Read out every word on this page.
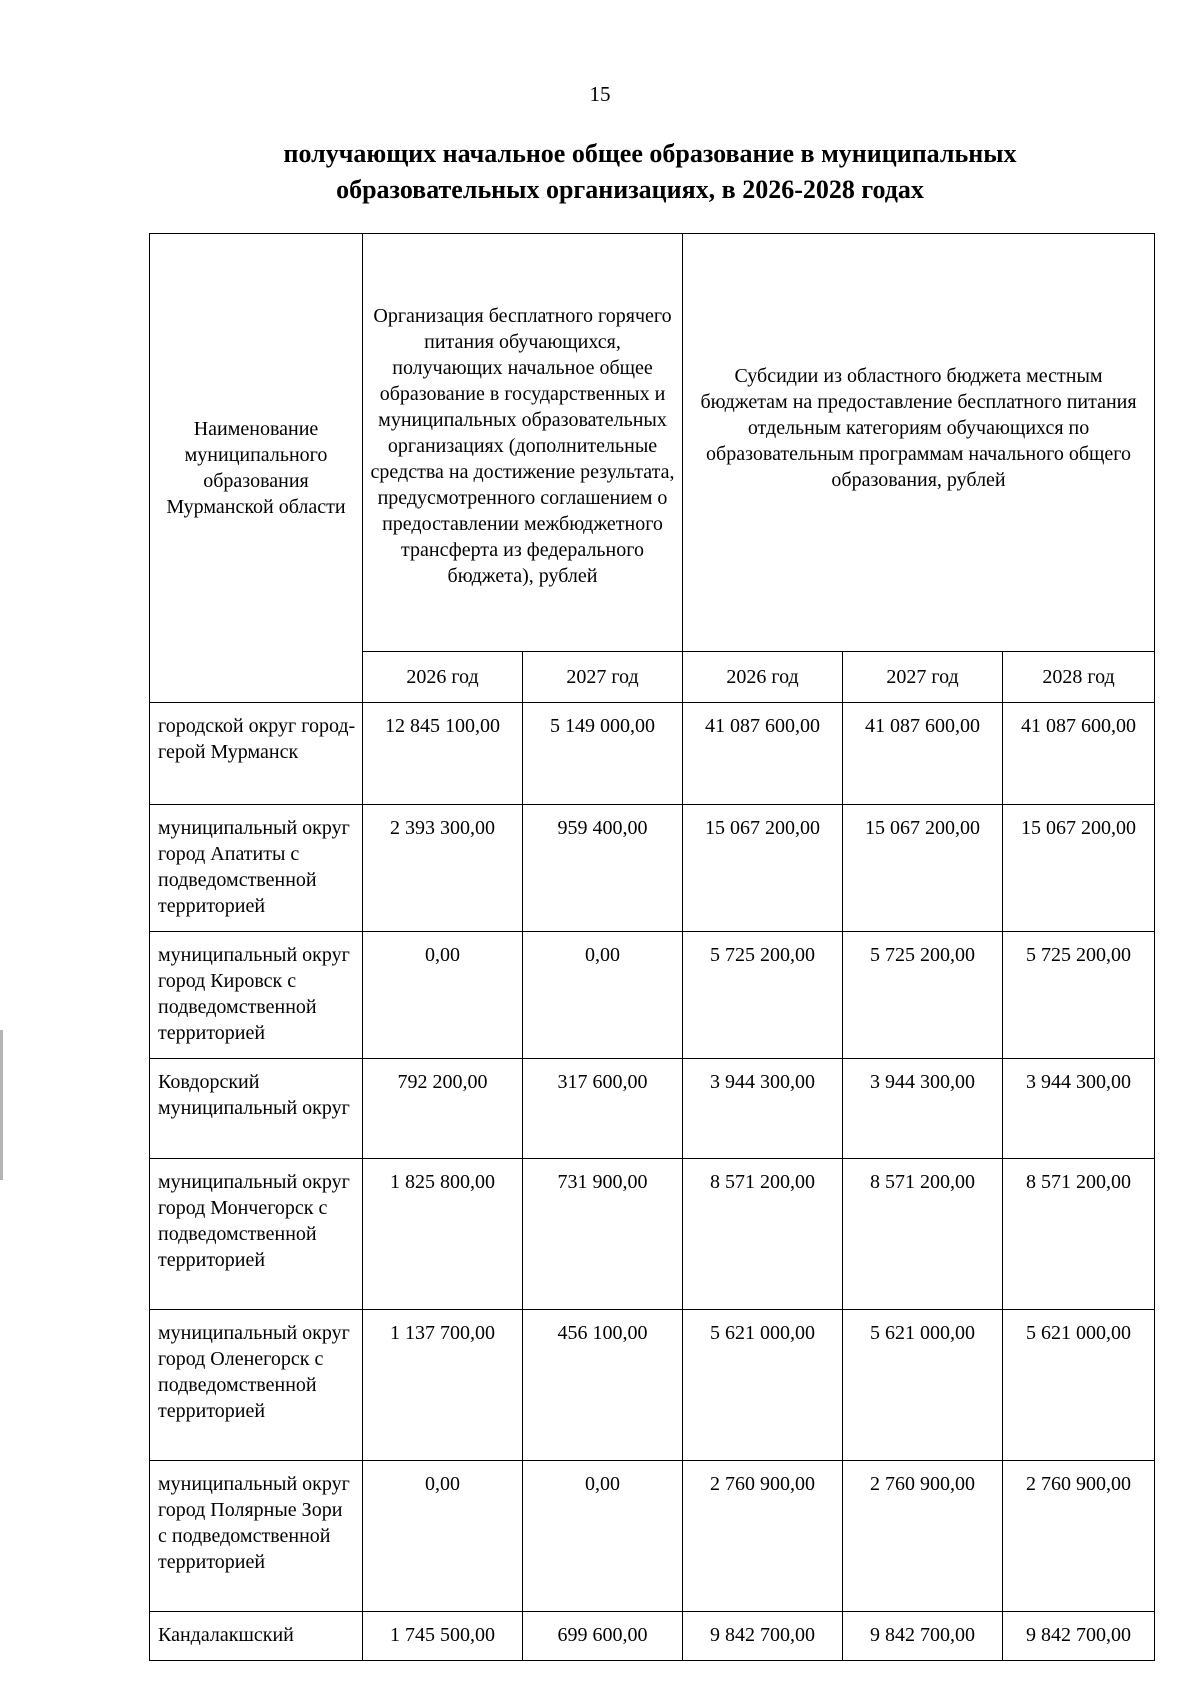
15
получающих начальное общее образование в муниципальных
образовательных организациях, в 2026-2028 годах
Наименование муниципального образования Мурманской области	Организация бесплатного горячего питания обучающихся, получающих начальное общее образование в государственных и муниципальных образовательных организациях (дополнительные средства на достижение результата, предусмотренного соглашением о предоставлении межбюджетного трансферта из федерального бюджета), рублей		Субсидии из областного бюджета местным бюджетам на предоставление бесплатного питания отдельным категориям обучающихся по образовательным программам начального общего образования, рублей		
	2026 год	2027 год	2026 год	2027 год	2028 год
городской округ город-герой Мурманск	12 845 100,00	5 149 000,00	41 087 600,00	41 087 600,00	41 087 600,00
муниципальный округ город Апатиты с подведомственной территорией	2 393 300,00	959 400,00	15 067 200,00	15 067 200,00	15 067 200,00
муниципальный округ город Кировск с подведомственной территорией	0,00	0,00	5 725 200,00	5 725 200,00	5 725 200,00
Ковдорский муниципальный округ	792 200,00	317 600,00	3 944 300,00	3 944 300,00	3 944 300,00
муниципальный округ город Мончегорск с подведомственной территорией	1 825 800,00	731 900,00	8 571 200,00	8 571 200,00	8 571 200,00
муниципальный округ город Оленегорск с подведомственной территорией	1 137 700,00	456 100,00	5 621 000,00	5 621 000,00	5 621 000,00
муниципальный округ город Полярные Зори с подведомственной территорией	0,00	0,00	2 760 900,00	2 760 900,00	2 760 900,00
Кандалакшский	1 745 500,00	699 600,00	9 842 700,00	9 842 700,00	9 842 700,00
